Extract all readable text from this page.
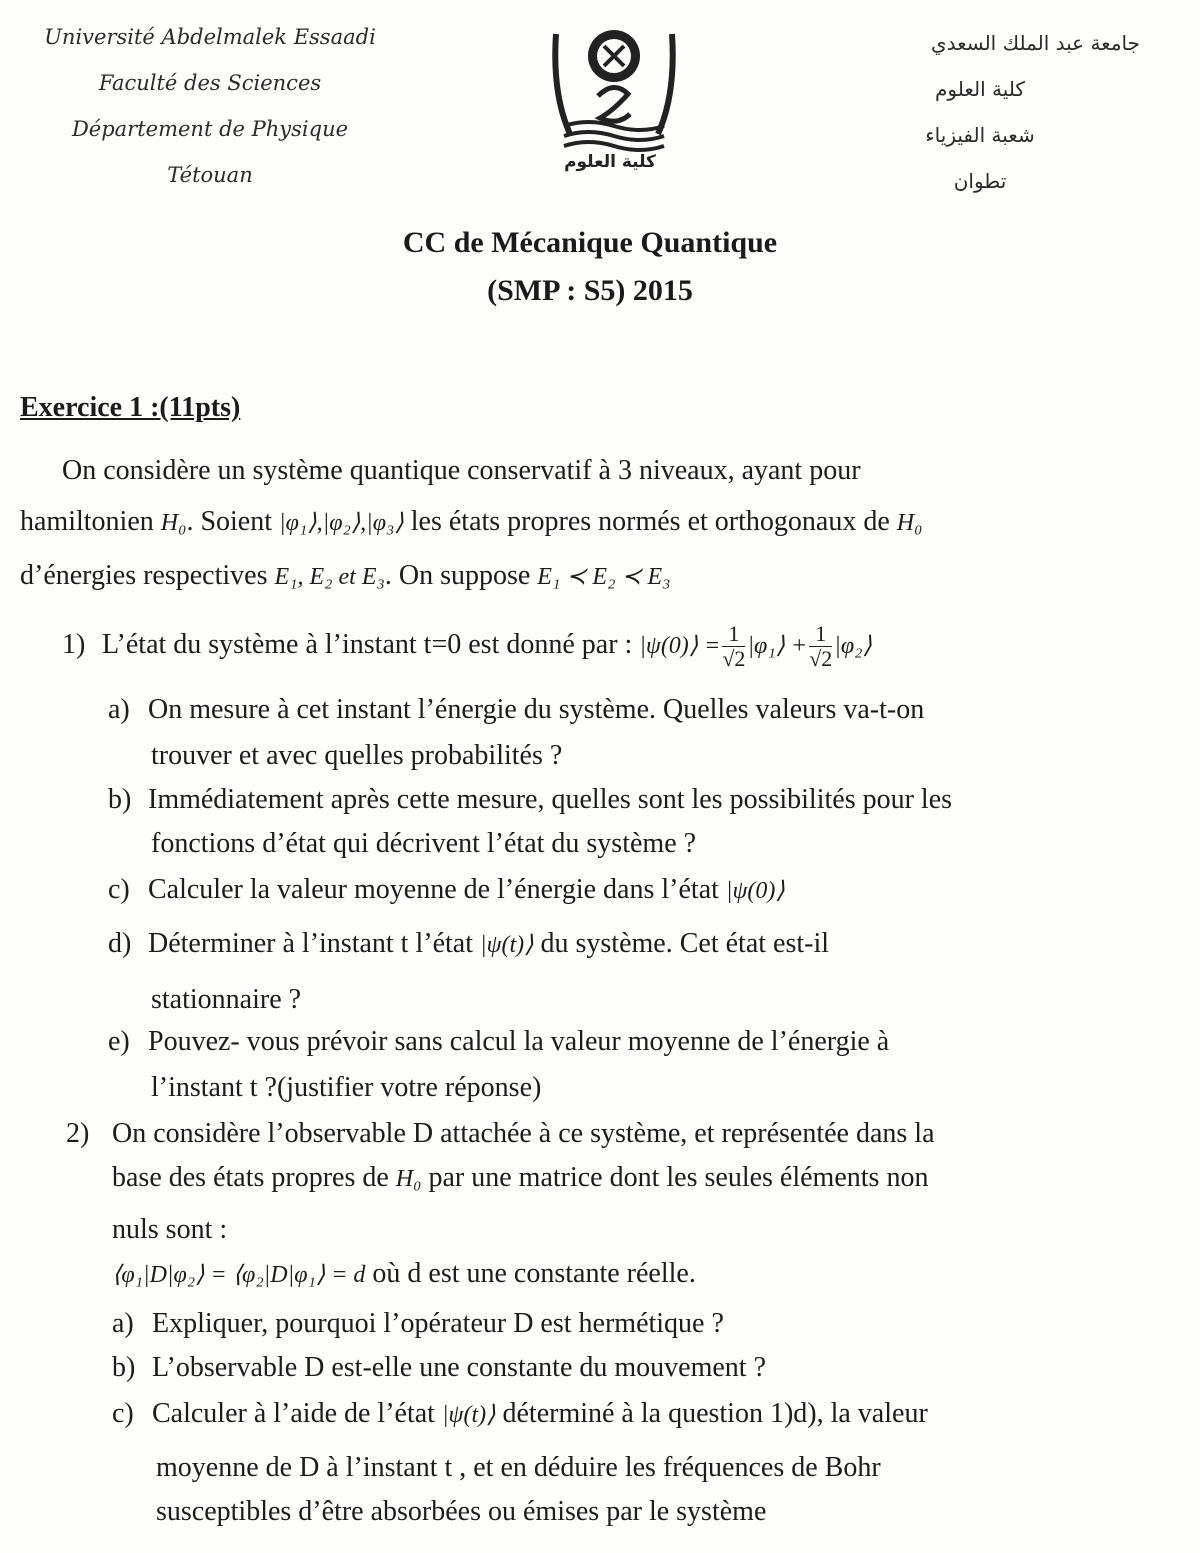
Université Abdelmalek Essaadi
Faculté des Sciences
Département de Physique
Tétouan
كلية العلوم
جامعة عبد الملك السعدي
كلية العلوم
شعبة الفيزياء
تطوان
CC de Mécanique Quantique
(SMP : S5) 2015
Exercice 1 :(11pts)
On considère un système quantique conservatif à 3 niveaux, ayant pour
hamiltonien H₀. Soient |φ₁⟩,|φ₂⟩,|φ₃⟩ les états propres normés et orthogonaux de H₀
d’énergies respectives E₁, E₂ et E₃. On suppose E₁ ≺ E₂ ≺ E₃
1) L’état du système à l’instant t=0 est donné par : |ψ(0)⟩ = $\frac{1}{√2}$ |φ₁⟩ + $\frac{1}{√2}$ |φ₂⟩
a) On mesure à cet instant l’énergie du système. Quelles valeurs va-t-on
trouver et avec quelles probabilités ?
b) Immédiatement après cette mesure, quelles sont les possibilités pour les
fonctions d’état qui décrivent l’état du système ?
c) Calculer la valeur moyenne de l’énergie dans l’état |ψ(0)⟩
d) Déterminer à l’instant t l’état |ψ(t)⟩ du système. Cet état est-il
stationnaire ?
e) Pouvez- vous prévoir sans calcul la valeur moyenne de l’énergie à
l’instant t ?(justifier votre réponse)
2) On considère l’observable D attachée à ce système, et représentée dans la
base des états propres de H₀ par une matrice dont les seules éléments non
nuls sont :
⟨φ₁|D|φ₂⟩ = ⟨φ₂|D|φ₁⟩ = d où d est une constante réelle.
a) Expliquer, pourquoi l’opérateur D est hermétique ?
b) L’observable D est-elle une constante du mouvement ?
c) Calculer à l’aide de l’état |ψ(t)⟩ déterminé à la question 1)d), la valeur
moyenne de D à l’instant t , et en déduire les fréquences de Bohr
susceptibles d’être absorbées ou émises par le système
